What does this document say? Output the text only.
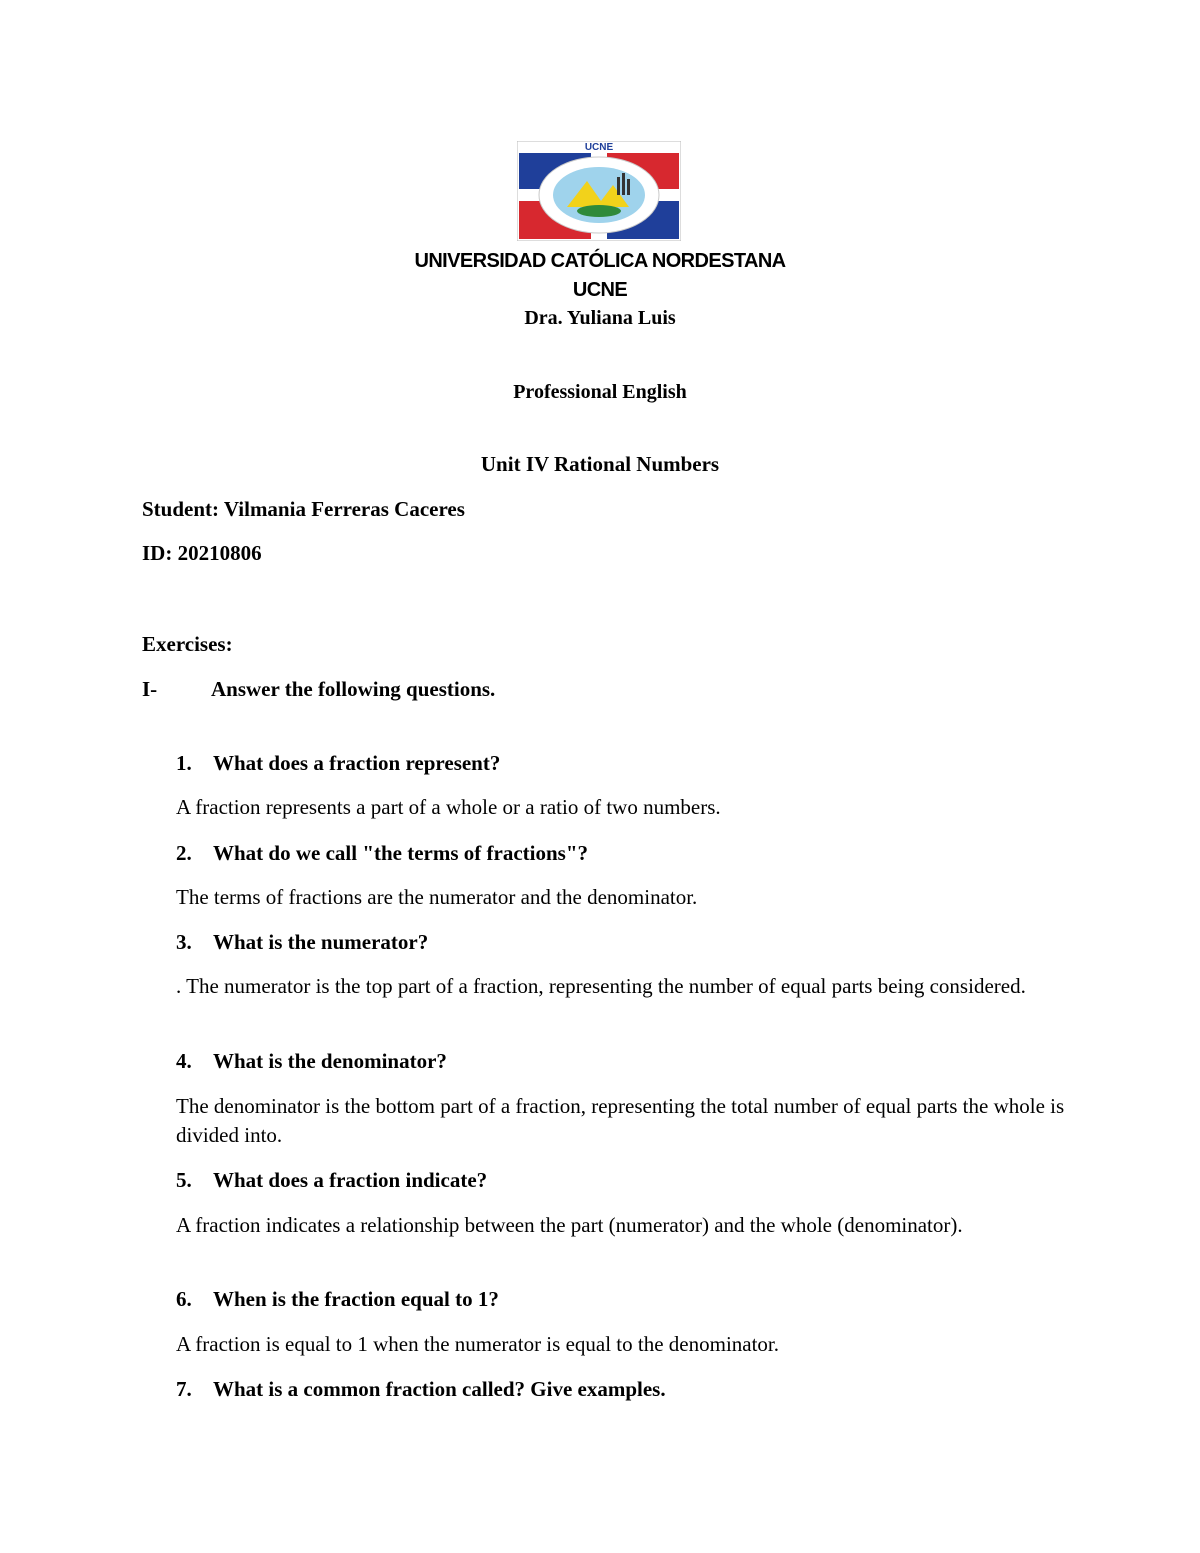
UCNE
UNIVERSIDAD CATÓLICA NORDESTANA
UCNE
Dra. Yuliana Luis
Professional English
Unit IV Rational Numbers
Student: Vilmania Ferreras Caceres
ID: 20210806
Exercises:
I-	Answer the following questions.
1. What does a fraction represent?
A fraction represents a part of a whole or a ratio of two numbers.
2. What do we call "the terms of fractions"?
The terms of fractions are the numerator and the denominator.
3. What is the numerator?
. The numerator is the top part of a fraction, representing the number of equal parts being considered.
4. What is the denominator?
The denominator is the bottom part of a fraction, representing the total number of equal parts the whole is divided into.
5. What does a fraction indicate?
A fraction indicates a relationship between the part (numerator) and the whole (denominator).
6. When is the fraction equal to 1?
A fraction is equal to 1 when the numerator is equal to the denominator.
7. What is a common fraction called? Give examples.
